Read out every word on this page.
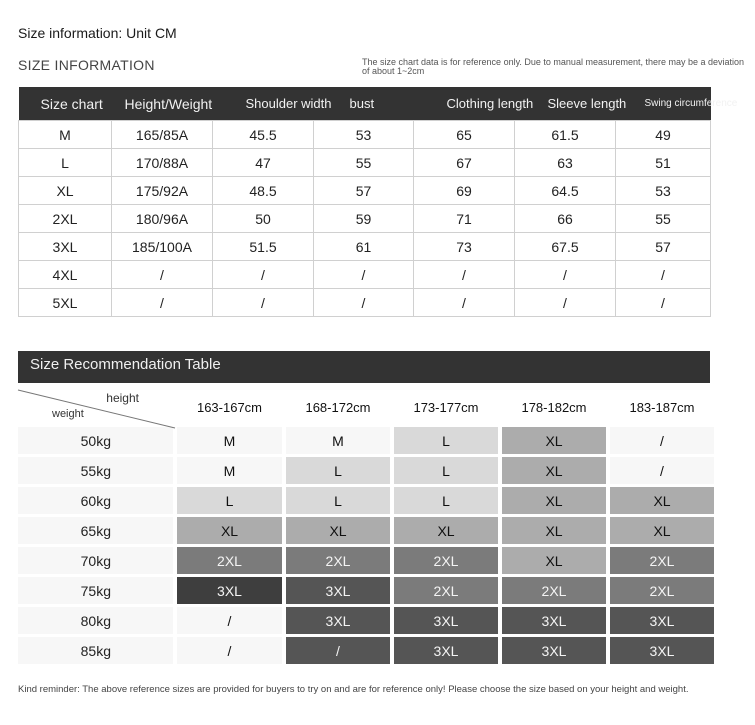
Size information: Unit CM
SIZE INFORMATION	The size chart data is for reference only. Due to manual measurement, there may be a deviation of about 1~2cm
Size chart	Height/Weight	Shoulder width	bust	Clothing length	Sleeve length	Swing circumference
M	165/85A	45.5	53	65	61.5	49
L	170/88A	47	55	67	63	51
XL	175/92A	48.5	57	69	64.5	53
2XL	180/96A	50	59	71	66	55
3XL	185/100A	51.5	61	73	67.5	57
4XL	/	/	/	/	/	/
5XL	/	/	/	/	/	/
Size Recommendation Table
height
weight	163-167cm	168-172cm	173-177cm	178-182cm	183-187cm
50kg	M	M	L	XL	/
55kg	M	L	L	XL	/
60kg	L	L	L	XL	XL
65kg	XL	XL	XL	XL	XL
70kg	2XL	2XL	2XL	XL	2XL
75kg	3XL	3XL	2XL	2XL	2XL
80kg	/	3XL	3XL	3XL	3XL
85kg	/	/	3XL	3XL	3XL
Kind reminder: The above reference sizes are provided for buyers to try on and are for reference only! Please choose the size based on your height and weight.
